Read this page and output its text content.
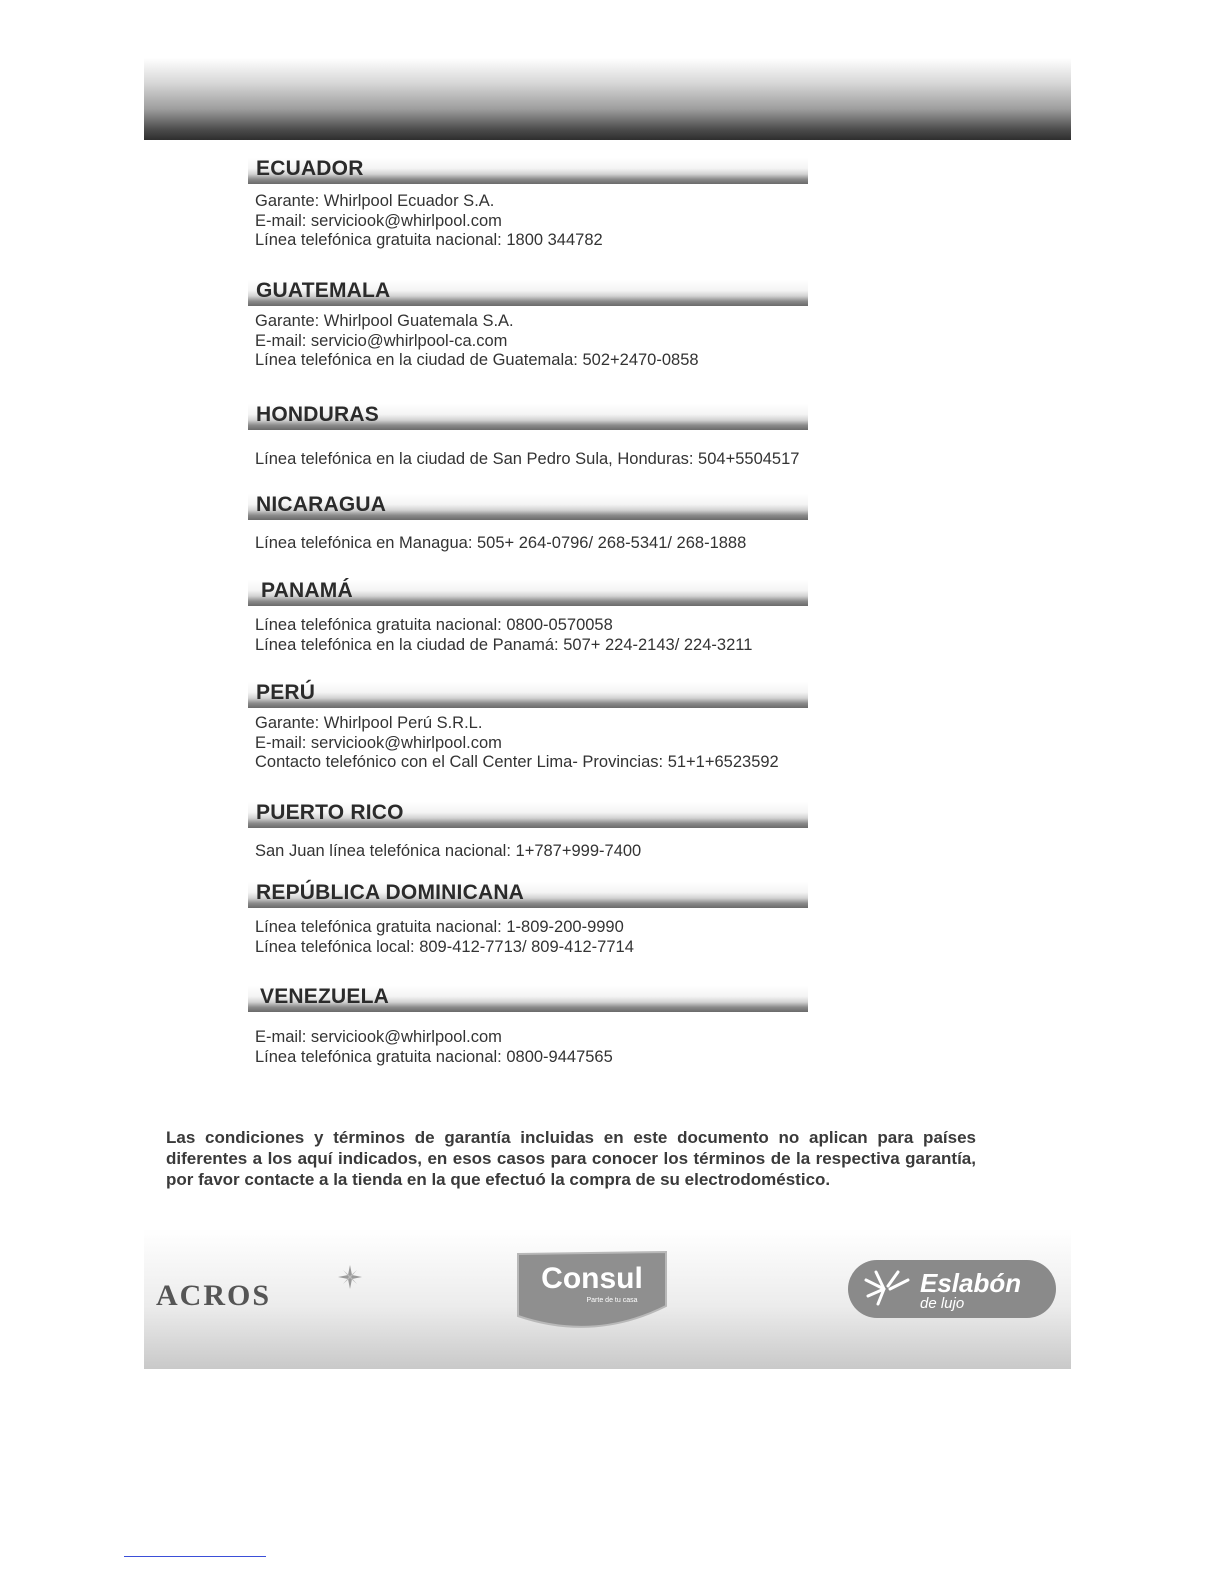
ECUADOR
Garante: Whirlpool Ecuador S.A.
E-mail: serviciook@whirlpool.com
Línea telefónica gratuita nacional: 1800 344782
GUATEMALA
Garante: Whirlpool Guatemala S.A.
E-mail: servicio@whirlpool-ca.com
Línea telefónica en la ciudad de Guatemala: 502+2470-0858
HONDURAS
Línea telefónica en la ciudad de San Pedro Sula, Honduras: 504+5504517
NICARAGUA
Línea telefónica en Managua: 505+ 264-0796/ 268-5341/ 268-1888
PANAMÁ
Línea telefónica gratuita nacional: 0800-0570058
Línea telefónica en la ciudad de Panamá: 507+ 224-2143/ 224-3211
PERÚ
Garante: Whirlpool Perú S.R.L.
E-mail: serviciook@whirlpool.com
Contacto telefónico con el Call Center Lima- Provincias: 51+1+6523592
PUERTO RICO
San Juan línea telefónica nacional: 1+787+999-7400
REPÚBLICA DOMINICANA
Línea telefónica gratuita nacional: 1-809-200-9990
Línea telefónica local: 809-412-7713/ 809-412-7714
VENEZUELA
E-mail: serviciook@whirlpool.com
Línea telefónica gratuita nacional: 0800-9447565

Las condiciones y términos de garantía incluidas en este documento no aplican para países diferentes a los aquí indicados, en esos casos para conocer los términos de la respectiva garantía, por favor contacte a la tienda en la que efectuó la compra de su electrodoméstico.

ACROS
Consul
Parte de tu casa
Eslabón
de lujo
